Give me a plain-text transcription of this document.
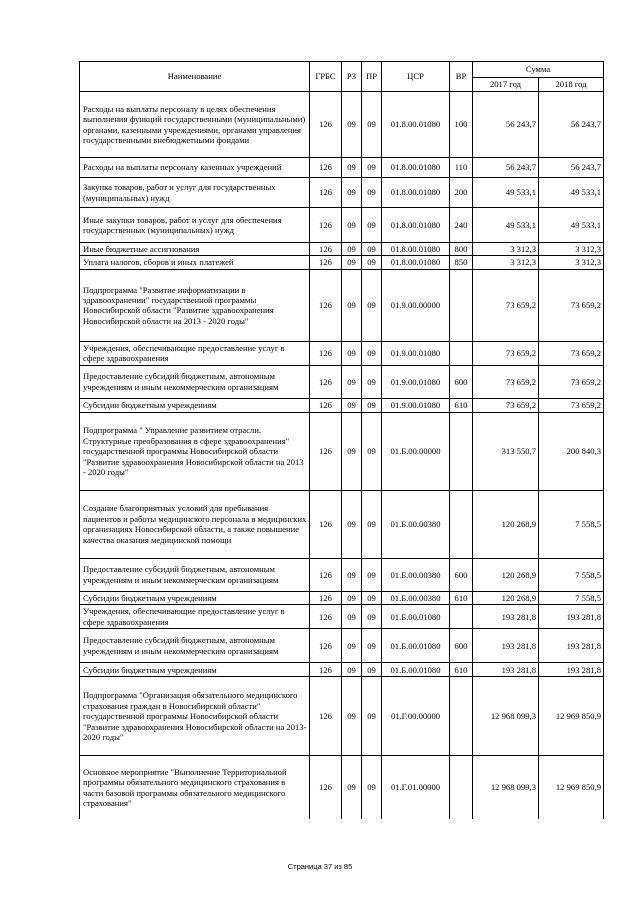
Наименование	ГРБС	РЗ	ПР	ЦСР	ВР	Сумма	
						2017 год	2018 год
Расходы на выплаты персоналу в целях обеспечения выполнения функций государственными (муниципальными) органами, казенными учреждениями, органами управления государственными внебюджетными фондами	126	09	09	01.8.00.01080	100	56 243,7	56 243,7
Расходы на выплаты персоналу казенных учреждений	126	09	09	01.8.00.01080	110	56 243,7	56 243,7
Закупка товаров, работ и услуг для государственных (муниципальных) нужд	126	09	09	01.8.00.01080	200	49 533,1	49 533,1
Иные закупки товаров, работ и услуг для обеспечения государственных (муниципальных) нужд	126	09	09	01.8.00.01080	240	49 533,1	49 533,1
Иные бюджетные ассигнования	126	09	09	01.8.00.01080	800	3 312,3	3 312,3
Уплата налогов, сборов и иных платежей	126	09	09	01.8.00.01080	850	3 312,3	3 312,3
Подпрограмма "Развитие информатизации в здравоохранении" государственной программы Новосибирской области "Развитие здравоохранения Новосибирской области на 2013 - 2020 годы"	126	09	09	01.9.00.00000		73 659,2	73 659,2
Учреждения, обеспечивающие предоставление услуг в сфере здравоохранения	126	09	09	01.9.00.01080		73 659,2	73 659,2
Предоставление субсидий бюджетным, автономным учреждениям и иным некоммерческим организациям	126	09	09	01.9.00.01080	600	73 659,2	73 659,2
Субсидии бюджетным учреждениям	126	09	09	01.9.00.01080	610	73 659,2	73 659,2
Подпрограмма " Управление развитием отрасли. Структурные преобразования в сфере здравоохранения" государственной программы Новосибирской области "Развитие здравоохранения Новосибирской области на 2013 - 2020 годы"	126	09	09	01.Б.00.00000		313 550,7	200 840,3
Создание благоприятных условий для пребывания пациентов и работы медицинского персонала в медицинских организациях Новосибирской области, а также повышение качества оказания медицинской помощи	126	09	09	01.Б.00.00380		120 268,9	7 558,5
Предоставление субсидий бюджетным, автономным учреждениям и иным некоммерческим организациям	126	09	09	01.Б.00.00380	600	120 268,9	7 558,5
Субсидии бюджетным учреждениям	126	09	09	01.Б.00.00380	610	120 268,9	7 558,5
Учреждения, обеспечивающие предоставление услуг в сфере здравоохранения	126	09	09	01.Б.00.01080		193 281,8	193 281,8
Предоставление субсидий бюджетным, автономным учреждениям и иным некоммерческим организациям	126	09	09	01.Б.00.01080	600	193 281,8	193 281,8
Субсидии бюджетным учреждениям	126	09	09	01.Б.00.01080	610	193 281,8	193 281,8
Подпрограмма "Организация обязательного медицинского страхования граждан в Новосибирской области" государственной программы Новосибирской области "Развитие здравоохранения Новосибирской области на 2013-2020 годы"	126	09	09	01.Г.00.00000		12 968 099,3	12 969 850,9
Основное мероприятие "Выполнение Территориальной программы обязательного медицинского страхования в части базовой программы обязательного медицинского страхования"	126	09	09	01.Г.01.00000		12 968 099,3	12 969 850,9
Страница 37 из 85
